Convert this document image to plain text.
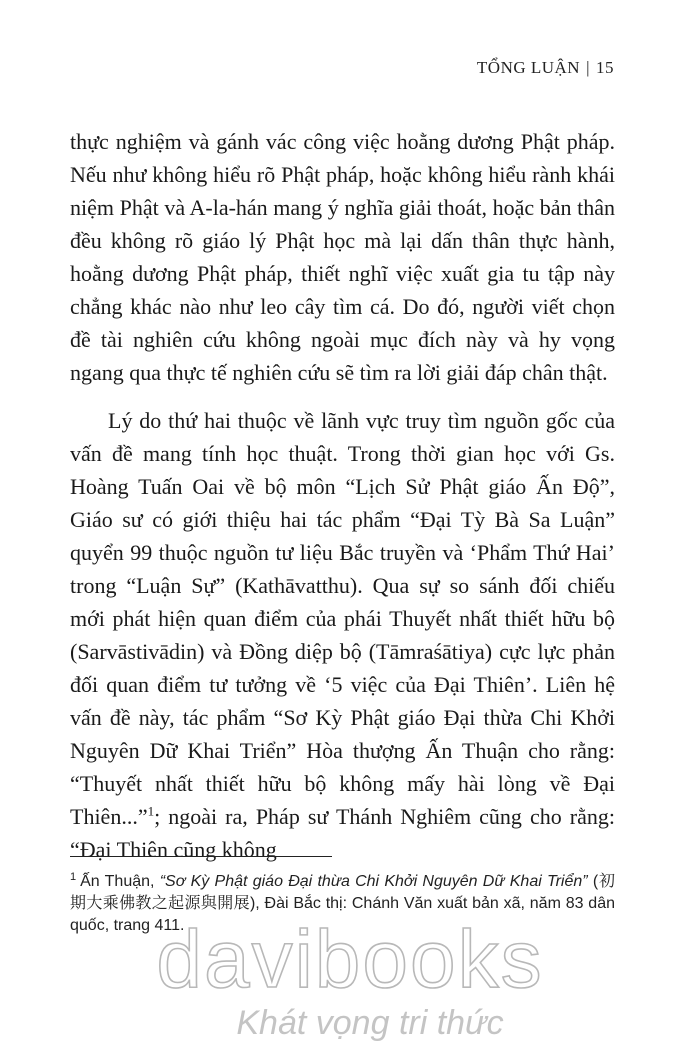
TỔNG LUẬN | 15

thực nghiệm và gánh vác công việc hoằng dương Phật pháp. Nếu như không hiểu rõ Phật pháp, hoặc không hiểu rành khái niệm Phật và A-la-hán mang ý nghĩa giải thoát, hoặc bản thân đều không rõ giáo lý Phật học mà lại dấn thân thực hành, hoằng dương Phật pháp, thiết nghĩ việc xuất gia tu tập này chẳng khác nào như leo cây tìm cá. Do đó, người viết chọn đề tài nghiên cứu không ngoài mục đích này và hy vọng ngang qua thực tế nghiên cứu sẽ tìm ra lời giải đáp chân thật.

Lý do thứ hai thuộc về lãnh vực truy tìm nguồn gốc của vấn đề mang tính học thuật. Trong thời gian học với Gs. Hoàng Tuấn Oai về bộ môn “Lịch Sử Phật giáo Ấn Độ”, Giáo sư có giới thiệu hai tác phẩm “Đại Tỳ Bà Sa Luận” quyển 99 thuộc nguồn tư liệu Bắc truyền và ‘Phẩm Thứ Hai’ trong “Luận Sự” (Kathāvatthu). Qua sự so sánh đối chiếu mới phát hiện quan điểm của phái Thuyết nhất thiết hữu bộ (Sarvāstivādin) và Đồng diệp bộ (Tāmraśātiya) cực lực phản đối quan điểm tư tưởng về ‘5 việc của Đại Thiên’. Liên hệ vấn đề này, tác phẩm “Sơ Kỳ Phật giáo Đại thừa Chi Khởi Nguyên Dữ Khai Triển” Hòa thượng Ấn Thuận cho rằng: “Thuyết nhất thiết hữu bộ không mấy hài lòng về Đại Thiên...”$^1$; ngoài ra, Pháp sư Thánh Nghiêm cũng cho rằng: “Đại Thiên cũng không

$^1$ Ấn Thuận, “Sơ Kỳ Phật giáo Đại thừa Chi Khởi Nguyên Dữ Khai Triển” (初期大乘佛教之起源與開展), Đài Bắc thị: Chánh Văn xuất bản xã, năm 83 dân quốc, trang 411.
davibooks
Khát vọng tri thức
